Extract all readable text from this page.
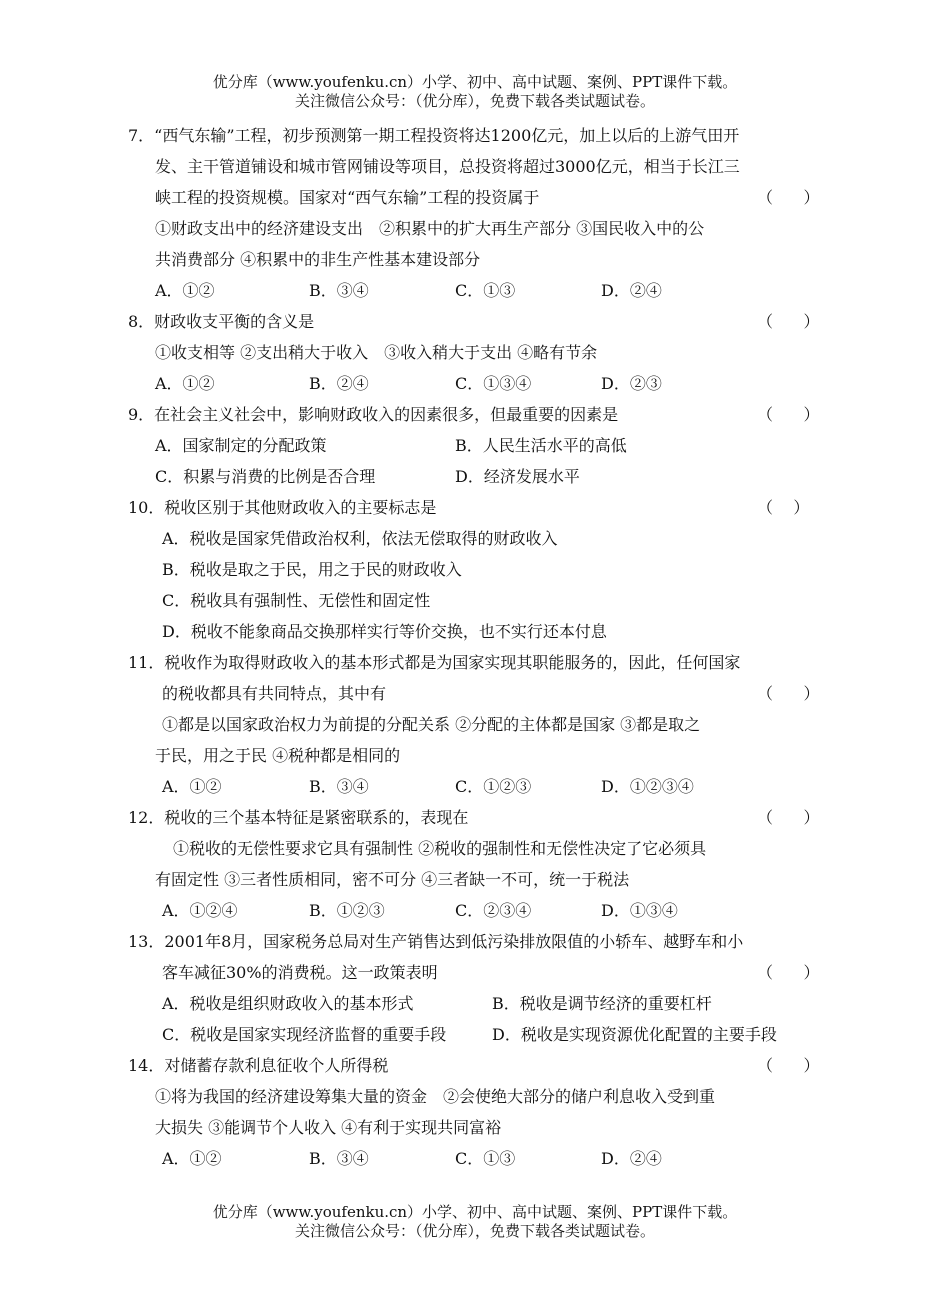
优分库（www.youfenku.cn）小学、初中、高中试题、案例、PPT课件下载。
关注微信公众号：（优分库），免费下载各类试题试卷。
7．“西气东输”工程，初步预测第一期工程投资将达1200亿元，加上以后的上游气田开
发、主干管道铺设和城市管网铺设等项目，总投资将超过3000亿元，相当于长江三
峡工程的投资规模。国家对“西气东输”工程的投资属于	（      ）
①财政支出中的经济建设支出　②积累中的扩大再生产部分 ③国民收入中的公
共消费部分 ④积累中的非生产性基本建设部分
A．①②	B．③④	C．①③	D．②④
8．财政收支平衡的含义是	（      ）
①收支相等 ②支出稍大于收入　③收入稍大于支出 ④略有节余
A．①②	B．②④	C．①③④	D．②③
9．在社会主义社会中，影响财政收入的因素很多，但最重要的因素是	（      ）
A．国家制定的分配政策	B．人民生活水平的高低
C．积累与消费的比例是否合理	D．经济发展水平
10．税收区别于其他财政收入的主要标志是	（    ）
A．税收是国家凭借政治权利，依法无偿取得的财政收入
B．税收是取之于民，用之于民的财政收入
C．税收具有强制性、无偿性和固定性
D．税收不能象商品交换那样实行等价交换，也不实行还本付息
11．税收作为取得财政收入的基本形式都是为国家实现其职能服务的，因此，任何国家
的税收都具有共同特点，其中有	（      ）
①都是以国家政治权力为前提的分配关系 ②分配的主体都是国家 ③都是取之
于民，用之于民 ④税种都是相同的
A．①②	B．③④	C．①②③	D．①②③④
12．税收的三个基本特征是紧密联系的，表现在	（      ）
①税收的无偿性要求它具有强制性 ②税收的强制性和无偿性决定了它必须具
有固定性 ③三者性质相同，密不可分 ④三者缺一不可，统一于税法
A．①②④	B．①②③	C．②③④	D．①③④
13．2001年8月，国家税务总局对生产销售达到低污染排放限值的小轿车、越野车和小
客车减征30%的消费税。这一政策表明	（      ）
A．税收是组织财政收入的基本形式	B．税收是调节经济的重要杠杆
C．税收是国家实现经济监督的重要手段	D．税收是实现资源优化配置的主要手段
14．对储蓄存款利息征收个人所得税	（      ）
①将为我国的经济建设筹集大量的资金　②会使绝大部分的储户利息收入受到重
大损失 ③能调节个人收入 ④有利于实现共同富裕
A．①②	B．③④	C．①③	D．②④
优分库（www.youfenku.cn）小学、初中、高中试题、案例、PPT课件下载。
关注微信公众号：（优分库），免费下载各类试题试卷。
